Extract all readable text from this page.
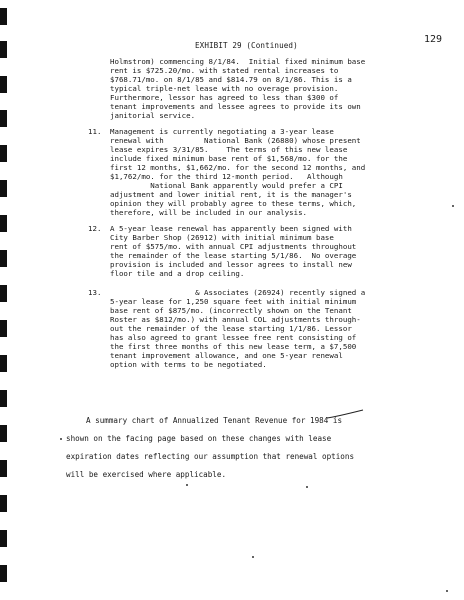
129
EXHIBIT 29 (Continued)
Holmstrom) commencing 8/1/84.  Initial fixed minimum base
rent is $725.20/mo. with stated rental increases to
$768.71/mo. on 8/1/85 and $814.79 on 8/1/86. This is a
typical triple-net lease with no overage provision.
Furthermore, lessor has agreed to less than $300 of
tenant improvements and lessee agrees to provide its own
janitorial service.
11. Management is currently negotiating a 3-year lease
renewal with         National Bank (26880) whose present
lease expires 3/31/85.    The terms of this new lease
include fixed minimum base rent of $1,568/mo. for the
first 12 months, $1,662/mo. for the second 12 months, and
$1,762/mo. for the third 12-month period.   Although
National Bank apparently would prefer a CPI
adjustment and lower initial rent, it is the manager's
opinion they will probably agree to these terms, which,
therefore, will be included in our analysis.
12. A 5-year lease renewal has apparently been signed with
City Barber Shop (26912) with initial minimum base
rent of $575/mo. with annual CPI adjustments throughout
the remainder of the lease starting 5/1/86.  No overage
provision is included and lessor agrees to install new
floor tile and a drop ceiling.
13. & Associates (26924) recently signed a
5-year lease for 1,250 square feet with initial minimum
base rent of $875/mo. (incorrectly shown on the Tenant
Roster as $812/mo.) with annual COL adjustments through-
out the remainder of the lease starting 1/1/86. Lessor
has also agreed to grant lessee free rent consisting of
the first three months of this new lease term, a $7,500
tenant improvement allowance, and one 5-year renewal
option with terms to be negotiated.
A summary chart of Annualized Tenant Revenue for 1984 is
shown on the facing page based on these changes with lease
expiration dates reflecting our assumption that renewal options
will be exercised where applicable.
